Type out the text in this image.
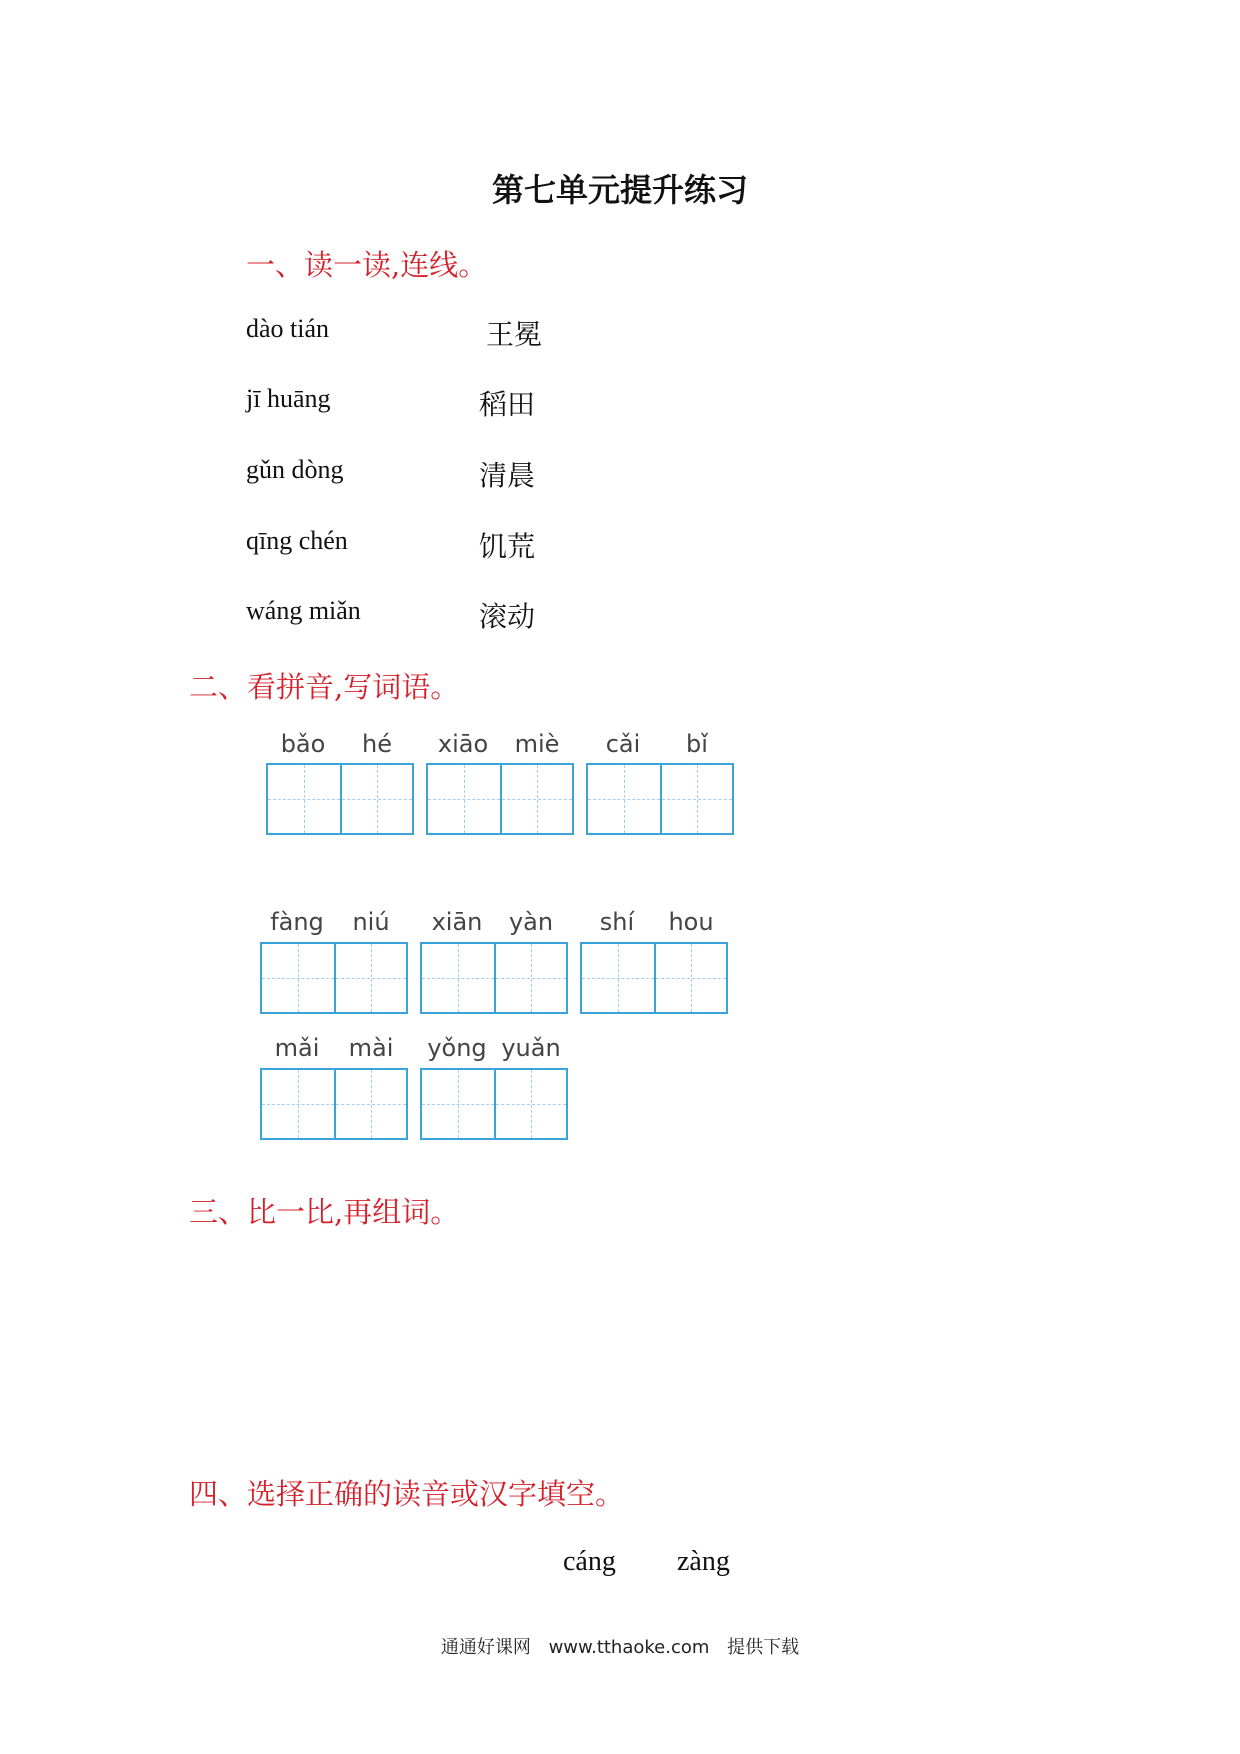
第七单元提升练习
一、读一读,连线。
dào tián
jī huāng
gǔn dòng
qīng chén
wáng miǎn
王冕
稻田
清晨
饥荒
滚动
二、看拼音,写词语。
bǎo	hé	xiāo	miè	cǎi	bǐ
fàng	niú	xiān	yàn	shí	hou
mǎi	mài	yǒng yuǎn
三、比一比,再组词。
四、选择正确的读音或汉字填空。
cáng zàng
通通好课网 www.tthaoke.com 提供下载
